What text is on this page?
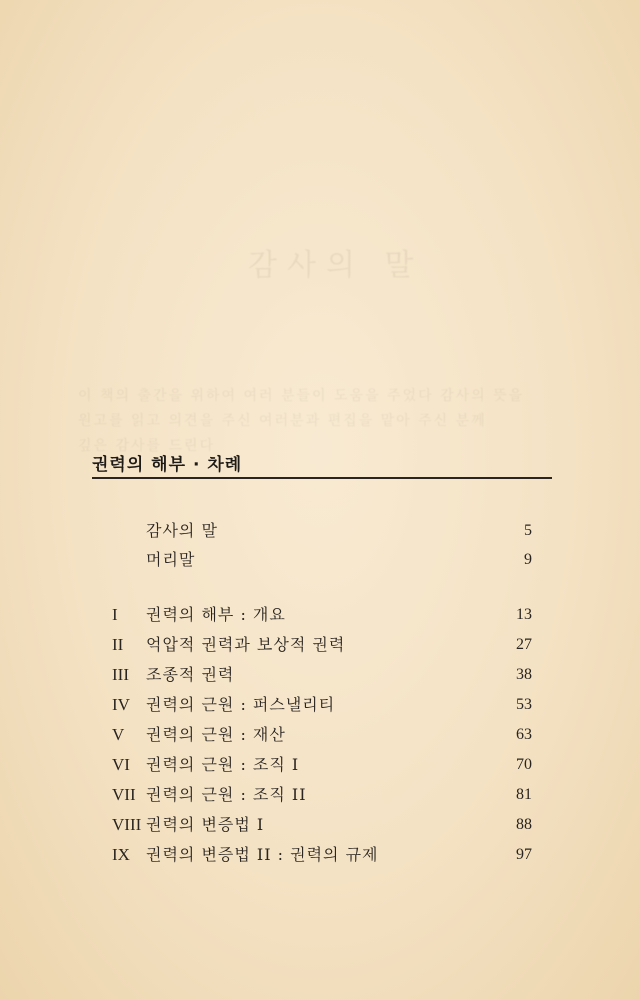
감사의 말
이 책의 출간을 위하여 여러 분들이 도움을 주었다 감사의 뜻을
원고를 읽고 의견을 주신 여러분과 편집을 맡아 주신 분께
깊은 감사를 드린다
권력의 해부 · 차례
감사의 말	5
머리말	9
I	권력의 해부 : 개요	13
II	억압적 권력과 보상적 권력	27
III	조종적 권력	38
IV	권력의 근원 : 퍼스낼리티	53
V	권력의 근원 : 재산	63
VI	권력의 근원 : 조직 I	70
VII 권력의 근원 : 조직 II	81
VIII 권력의 변증법 I	88
IX	권력의 변증법 II : 권력의 규제	97
